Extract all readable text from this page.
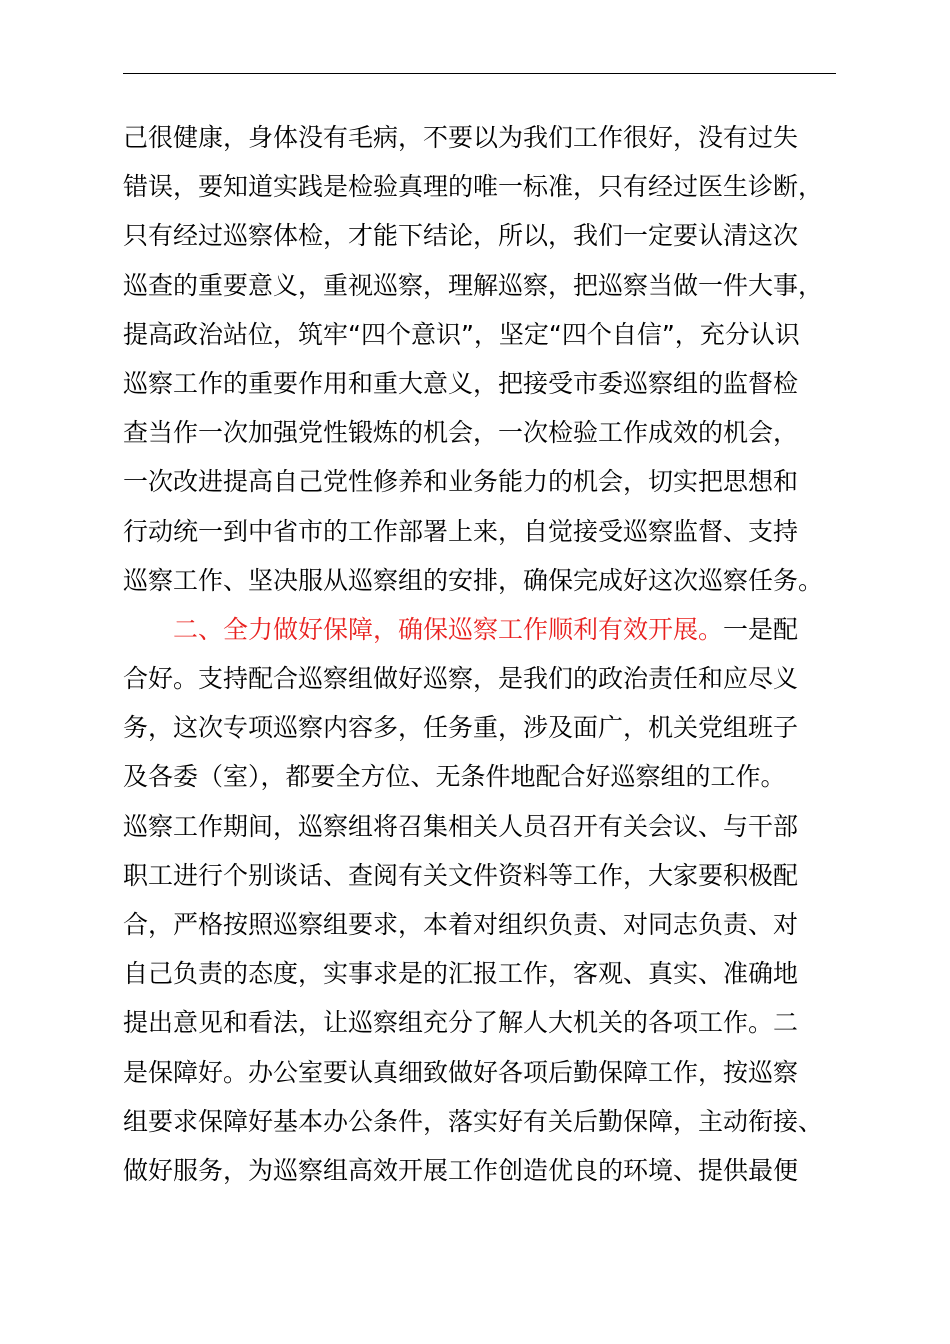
己很健康，身体没有毛病，不要以为我们工作很好，没有过失
错误，要知道实践是检验真理的唯一标准，只有经过医生诊断，
只有经过巡察体检，才能下结论，所以，我们一定要认清这次
巡查的重要意义，重视巡察，理解巡察，把巡察当做一件大事，
提高政治站位，筑牢“四个意识”，坚定“四个自信”，充分认识
巡察工作的重要作用和重大意义，把接受市委巡察组的监督检
查当作一次加强党性锻炼的机会，一次检验工作成效的机会，
一次改进提高自己党性修养和业务能力的机会，切实把思想和
行动统一到中省市的工作部署上来，自觉接受巡察监督、支持
巡察工作、坚决服从巡察组的安排，确保完成好这次巡察任务。
二、全力做好保障，确保巡察工作顺利有效开展。一是配
合好。支持配合巡察组做好巡察，是我们的政治责任和应尽义
务，这次专项巡察内容多，任务重，涉及面广，机关党组班子
及各委（室），都要全方位、无条件地配合好巡察组的工作。
巡察工作期间，巡察组将召集相关人员召开有关会议、与干部
职工进行个别谈话、查阅有关文件资料等工作，大家要积极配
合，严格按照巡察组要求，本着对组织负责、对同志负责、对
自己负责的态度，实事求是的汇报工作，客观、真实、准确地
提出意见和看法，让巡察组充分了解人大机关的各项工作。二
是保障好。办公室要认真细致做好各项后勤保障工作，按巡察
组要求保障好基本办公条件，落实好有关后勤保障，主动衔接、
做好服务，为巡察组高效开展工作创造优良的环境、提供最便
